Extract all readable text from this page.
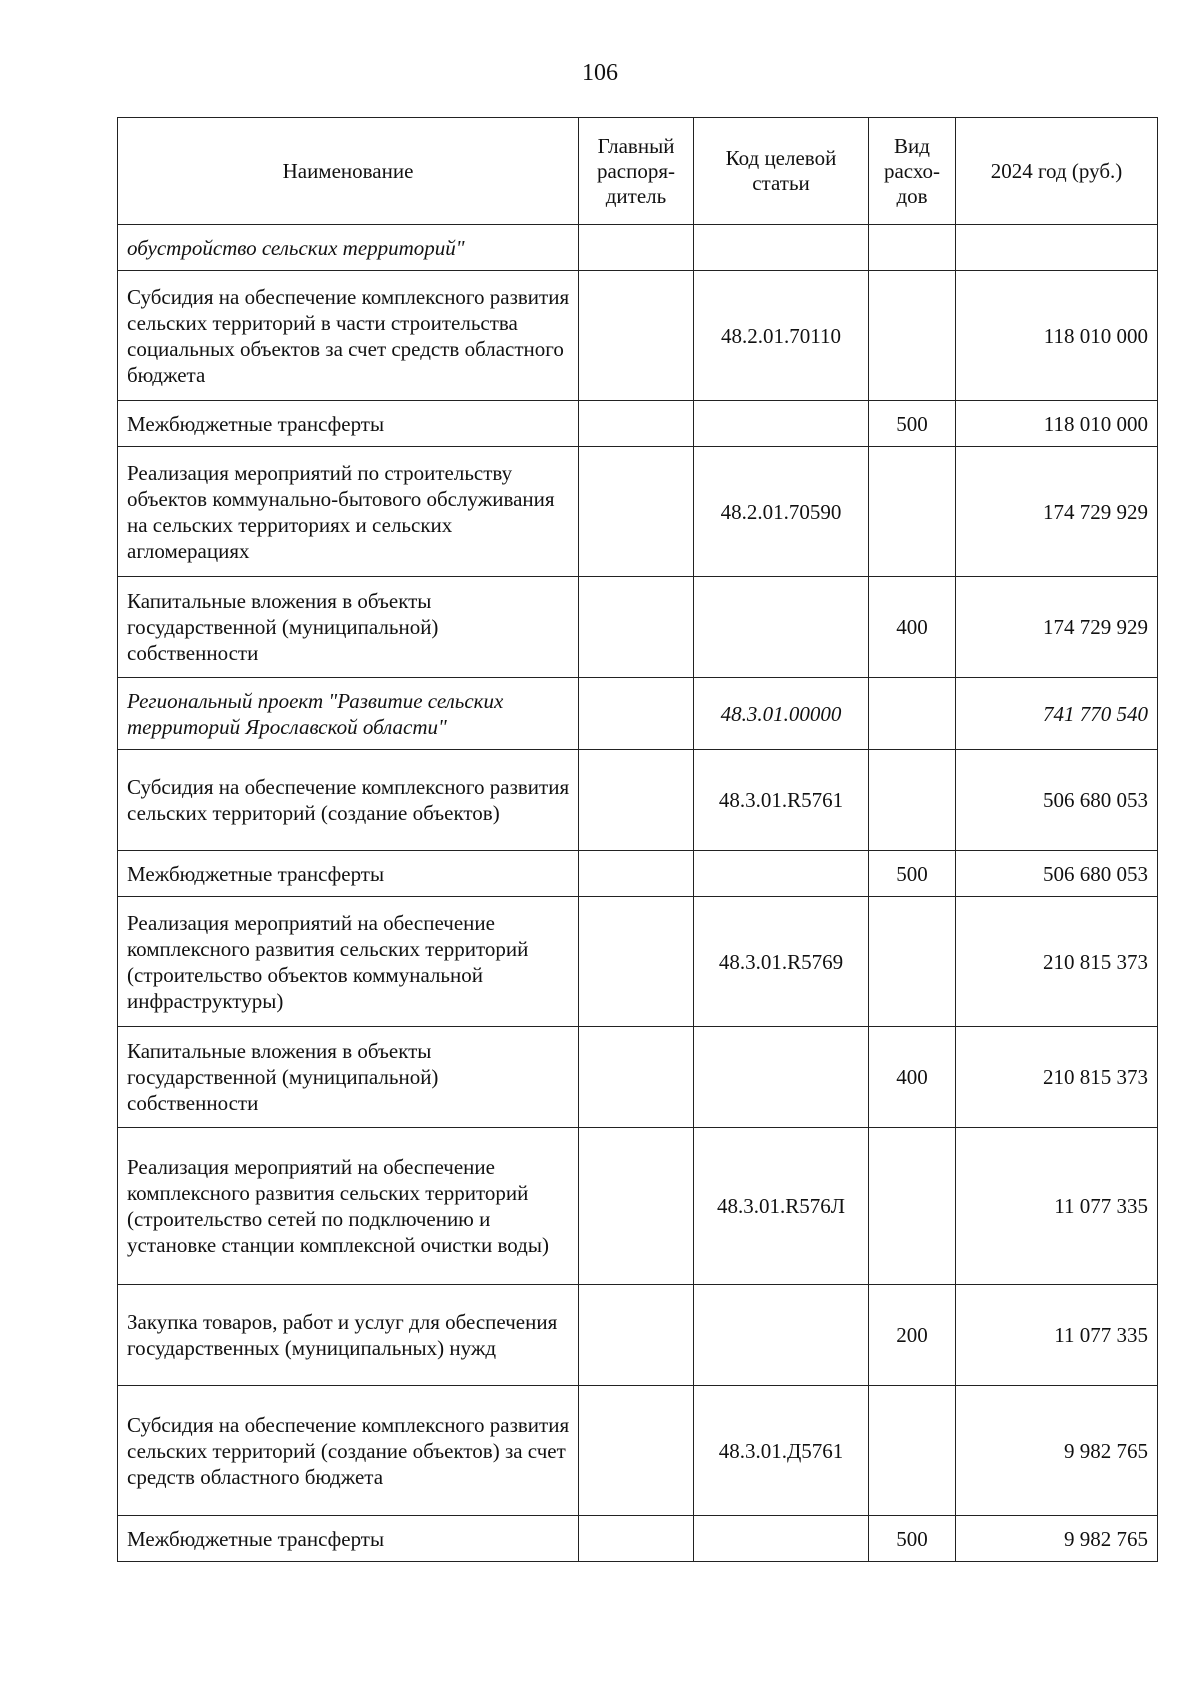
106
Наименование	Главный распоря-дитель	Код целевой статьи	Вид расхо-дов	2024 год (руб.)
обустройство сельских территорий"				
Субсидия на обеспечение комплексного развития сельских территорий в части строительства социальных объектов за счет средств областного бюджета		48.2.01.70110		118 010 000
Межбюджетные трансферты			500	118 010 000
Реализация мероприятий по строительству объектов коммунально-бытового обслуживания на сельских территориях и сельских агломерациях		48.2.01.70590		174 729 929
Капитальные вложения в объекты государственной (муниципальной) собственности			400	174 729 929
Региональный проект "Развитие сельских территорий Ярославской области"		48.3.01.00000		741 770 540
Субсидия на обеспечение комплексного развития сельских территорий (создание объектов)		48.3.01.R5761		506 680 053
Межбюджетные трансферты			500	506 680 053
Реализация мероприятий на обеспечение комплексного развития сельских территорий (строительство объектов коммунальной инфраструктуры)		48.3.01.R5769		210 815 373
Капитальные вложения в объекты государственной (муниципальной) собственности			400	210 815 373
Реализация мероприятий на обеспечение комплексного развития сельских территорий (строительство сетей по подключению и установке станции комплексной очистки воды)		48.3.01.R576Л		11 077 335
Закупка товаров, работ и услуг для обеспечения государственных (муниципальных) нужд			200	11 077 335
Субсидия на обеспечение комплексного развития сельских территорий (создание объектов) за счет средств областного бюджета		48.3.01.Д5761		9 982 765
Межбюджетные трансферты			500	9 982 765
